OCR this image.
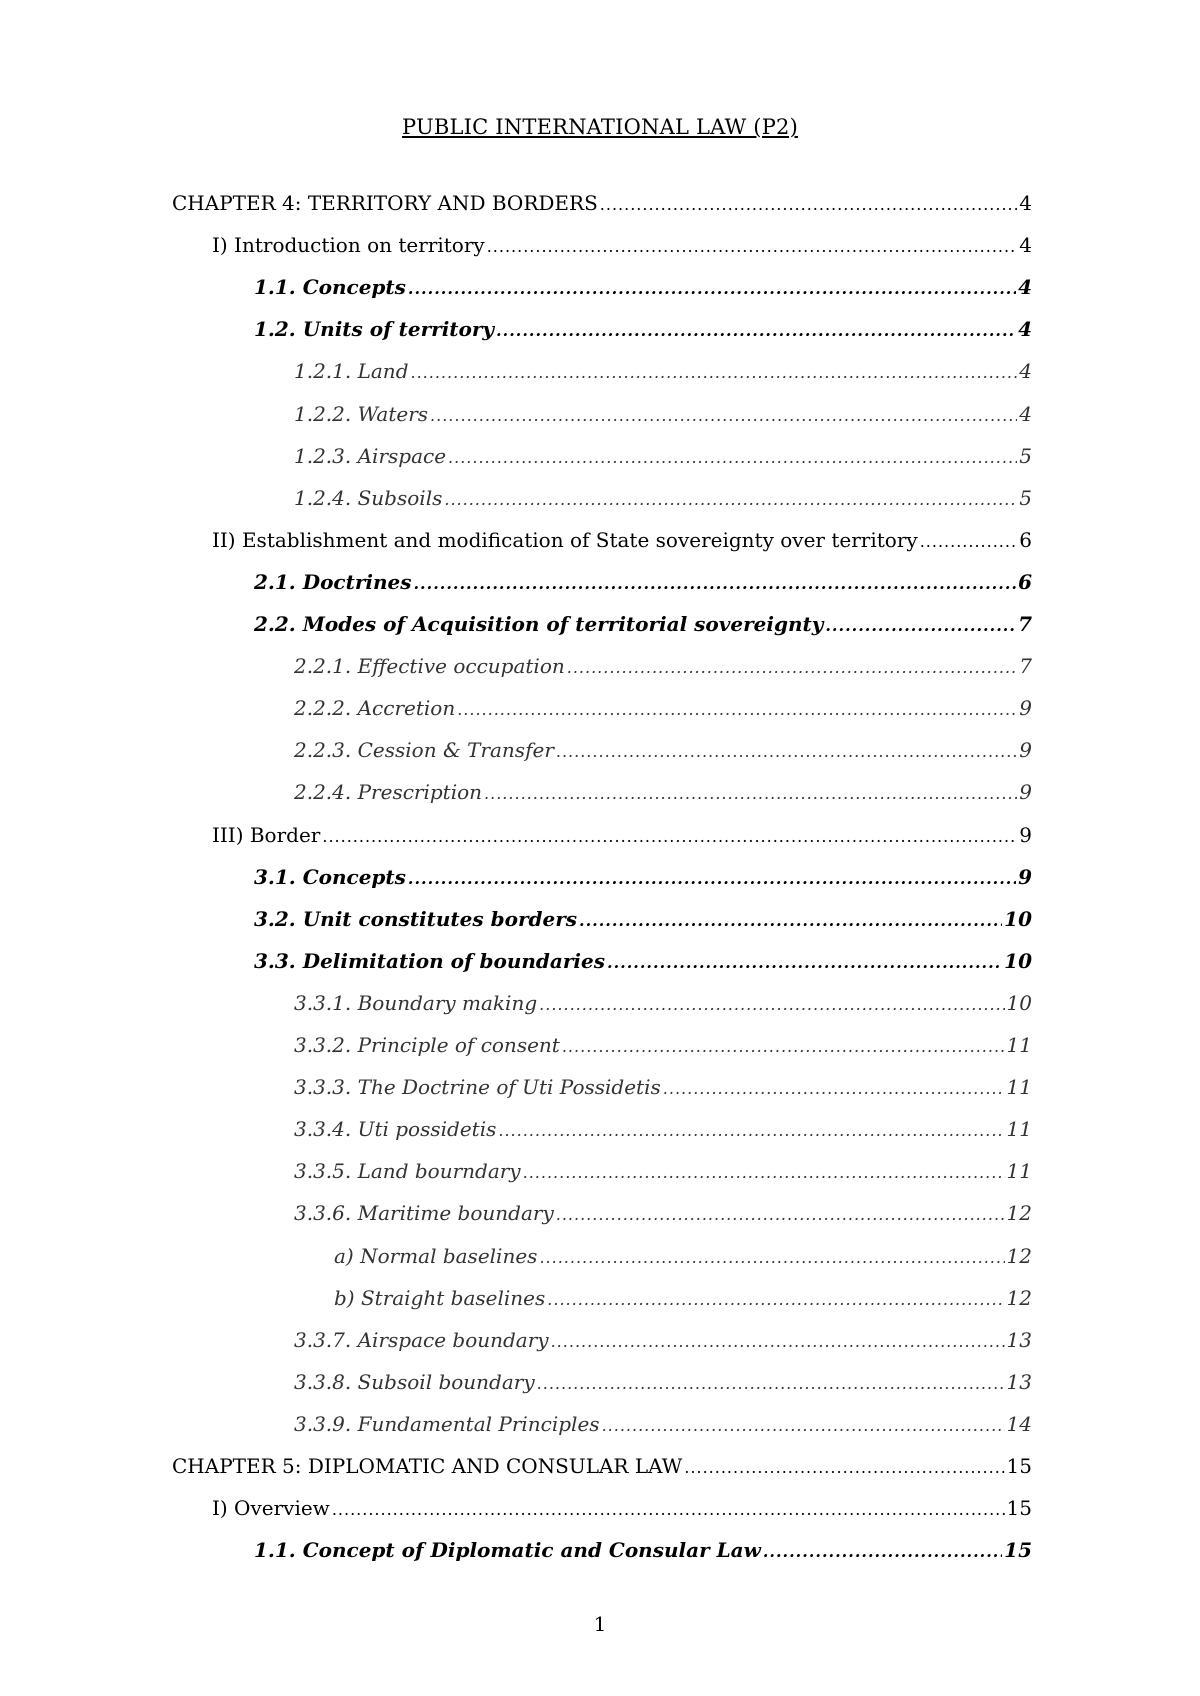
PUBLIC INTERNATIONAL LAW (P2)
CHAPTER 4: TERRITORY AND BORDERS .....	4
I) Introduction on territory .....	4
1.1. Concepts .....	4
1.2. Units of territory .....	4
1.2.1. Land .....	4
1.2.2. Waters .....	4
1.2.3. Airspace .....	5
1.2.4. Subsoils .....	5
II) Establishment and modification of State sovereignty over territory .....	6
2.1. Doctrines .....	6
2.2. Modes of Acquisition of territorial sovereignty .....	7
2.2.1. Effective occupation .....	7
2.2.2. Accretion .....	9
2.2.3. Cession & Transfer .....	9
2.2.4. Prescription .....	9
III) Border .....	9
3.1. Concepts .....	9
3.2. Unit constitutes borders .....	10
3.3. Delimitation of boundaries .....	10
3.3.1. Boundary making .....	10
3.3.2. Principle of consent .....	11
3.3.3. The Doctrine of Uti Possidetis .....	11
3.3.4. Uti possidetis .....	11
3.3.5. Land bourndary .....	11
3.3.6. Maritime boundary .....	12
a) Normal baselines .....	12
b) Straight baselines .....	12
3.3.7. Airspace boundary .....	13
3.3.8. Subsoil boundary .....	13
3.3.9. Fundamental Principles .....	14
CHAPTER 5: DIPLOMATIC AND CONSULAR LAW .....	15
I) Overview .....	15
1.1. Concept of Diplomatic and Consular Law .....	15
1
